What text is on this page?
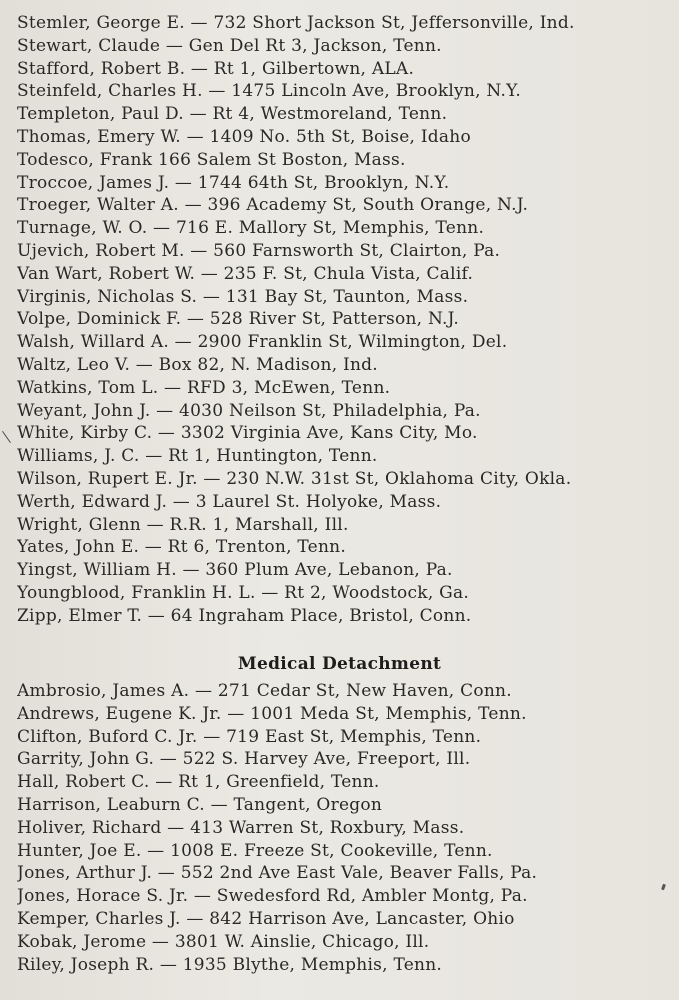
Stemler, George E. — 732 Short Jackson St, Jeffersonville, Ind.
Stewart, Claude — Gen Del Rt 3, Jackson, Tenn.
Stafford, Robert B. — Rt 1, Gilbertown, ALA.
Steinfeld, Charles H. — 1475 Lincoln Ave, Brooklyn, N.Y.
Templeton, Paul D. — Rt 4, Westmoreland, Tenn.
Thomas, Emery W. — 1409 No. 5th St, Boise, Idaho
Todesco, Frank 166 Salem St Boston, Mass.
Troccoe, James J. — 1744 64th St, Brooklyn, N.Y.
Troeger, Walter A. — 396 Academy St, South Orange, N.J.
Turnage, W. O. — 716 E. Mallory St, Memphis, Tenn.
Ujevich, Robert M. — 560 Farnsworth St, Clairton, Pa.
Van Wart, Robert W. — 235 F. St, Chula Vista, Calif.
Virginis, Nicholas S. — 131 Bay St, Taunton, Mass.
Volpe, Dominick F. — 528 River St, Patterson, N.J.
Walsh, Willard A. — 2900 Franklin St, Wilmington, Del.
Waltz, Leo V. — Box 82, N. Madison, Ind.
Watkins, Tom L. — RFD 3, McEwen, Tenn.
Weyant, John J. — 4030 Neilson St, Philadelphia, Pa.
White, Kirby C. — 3302 Virginia Ave, Kans City, Mo.
Williams, J. C. — Rt 1, Huntington, Tenn.
Wilson, Rupert E. Jr. — 230 N.W. 31st St, Oklahoma City, Okla.
Werth, Edward J. — 3 Laurel St. Holyoke, Mass.
Wright, Glenn — R.R. 1, Marshall, Ill.
Yates, John E. — Rt 6, Trenton, Tenn.
Yingst, William H. — 360 Plum Ave, Lebanon, Pa.
Youngblood, Franklin H. L. — Rt 2, Woodstock, Ga.
Zipp, Elmer T. — 64 Ingraham Place, Bristol, Conn.
Medical Detachment
Ambrosio, James A. — 271 Cedar St, New Haven, Conn.
Andrews, Eugene K. Jr. — 1001 Meda St, Memphis, Tenn.
Clifton, Buford C. Jr. — 719 East St, Memphis, Tenn.
Garrity, John G. — 522 S. Harvey Ave, Freeport, Ill.
Hall, Robert C. — Rt 1, Greenfield, Tenn.
Harrison, Leaburn C. — Tangent, Oregon
Holiver, Richard — 413 Warren St, Roxbury, Mass.
Hunter, Joe E. — 1008 E. Freeze St, Cookeville, Tenn.
Jones, Arthur J. — 552 2nd Ave East Vale, Beaver Falls, Pa.
Jones, Horace S. Jr. — Swedesford Rd, Ambler Montg, Pa.
Kemper, Charles J. — 842 Harrison Ave, Lancaster, Ohio
Kobak, Jerome — 3801 W. Ainslie, Chicago, Ill.
Riley, Joseph R. — 1935 Blythe, Memphis, Tenn.
